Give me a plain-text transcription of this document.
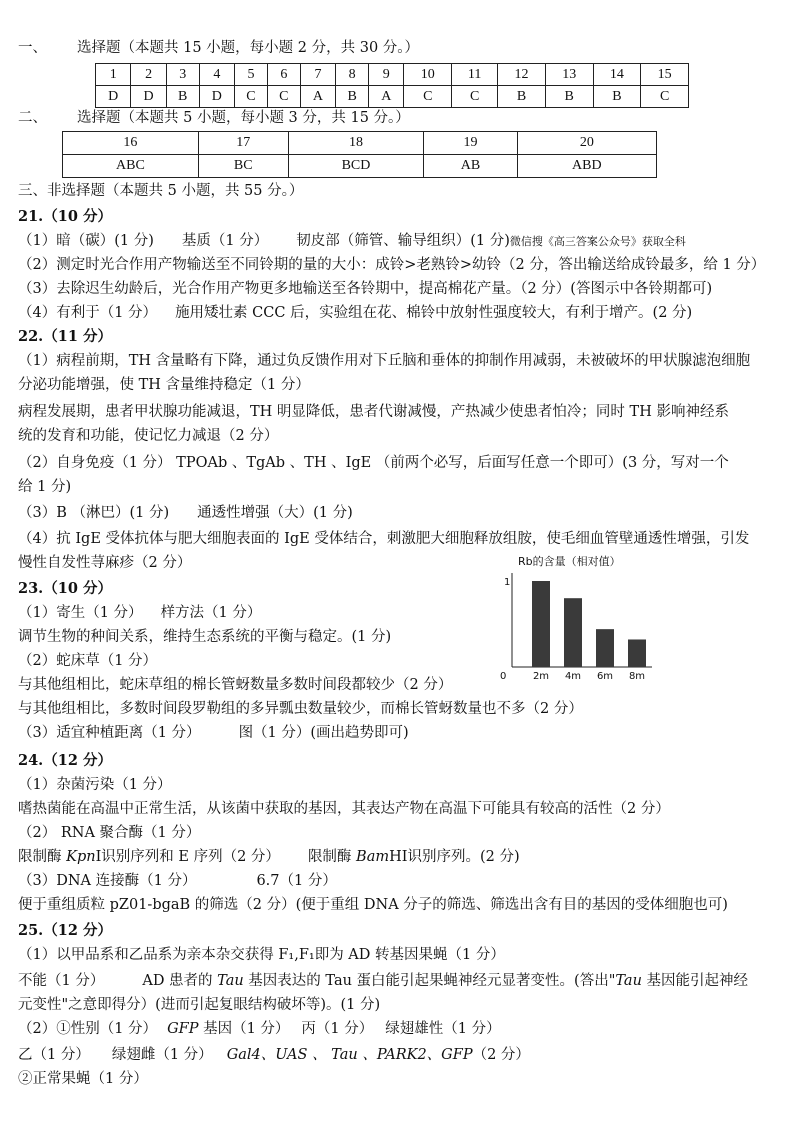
一、 选择题（本题共 15 小题，每小题 2 分，共 30 分。）
1	2	3	4	5	6	7	8	9	10	11	12	13	14	15
D	D	B	D	C	C	A	B	A	C	C	B	B	B	C
二、 选择题（本题共 5 小题，每小题 3 分，共 15 分。）
16	17	18	19	20
ABC	BC	BCD	AB	ABD
三、非选择题（本题共 5 小题，共 55 分。）
21.（10 分）
（1）暗（碳）(1 分) 基质（1 分） 韧皮部（筛管、输导组织）(1 分)微信搜《高三答案公众号》获取全科
（2）测定时光合作用产物输送至不同铃期的量的大小：成铃>老熟铃>幼铃（2 分，答出输送给成铃最多，给 1 分）
（3）去除迟生幼龄后，光合作用产物更多地输送至各铃期中，提高棉花产量。（2 分）(答图示中各铃期都可)
（4）有利于（1 分） 施用矮壮素 CCC 后，实验组在花、棉铃中放射性强度较大，有利于增产。(2 分)
22.（11 分）
（1）病程前期，TH 含量略有下降，通过负反馈作用对下丘脑和垂体的抑制作用减弱，未被破坏的甲状腺滤泡细胞
分泌功能增强，使 TH 含量维持稳定（1 分）
病程发展期，患者甲状腺功能减退，TH 明显降低，患者代谢减慢，产热减少使患者怕冷；同时 TH 影响神经系
统的发育和功能，使记忆力减退（2 分）
（2）自身免疫（1 分） TPOAb 、TgAb 、TH 、IgE （前两个必写，后面写任意一个即可）(3 分，写对一个
给 1 分)
（3）B （淋巴）(1 分) 通透性增强（大）(1 分)
（4）抗 IgE 受体抗体与肥大细胞表面的 IgE 受体结合，刺激肥大细胞释放组胺，使毛细血管壁通透性增强，引发
慢性自发性荨麻疹（2 分）
23.（10 分）
（1）寄生（1 分） 样方法（1 分）
调节生物的种间关系，维持生态系统的平衡与稳定。(1 分)
（2）蛇床草（1 分）
与其他组相比，蛇床草组的棉长管蚜数量多数时间段都较少（2 分）
与其他组相比，多数时间段罗勒组的多异瓢虫数量较少，而棉长管蚜数量也不多（2 分）
（3）适宜种植距离（1 分）	图（1 分）(画出趋势即可)
Rb的含量（相对值）
1
0	2m 4m 6m 8m
24.（12 分）
（1）杂菌污染（1 分）
嗜热菌能在高温中正常生活，从该菌中获取的基因，其表达产物在高温下可能具有较高的活性（2 分）
（2） RNA 聚合酶（1 分）
限制酶 KpnⅠ识别序列和 E 序列（2 分） 限制酶 BamHⅠ识别序列。(2 分)
（3）DNA 连接酶（1 分）	6.7（1 分）
便于重组质粒 pZ01-bgaB 的筛选（2 分）(便于重组 DNA 分子的筛选、筛选出含有目的基因的受体细胞也可)
25.（12 分）
（1）以甲品系和乙品系为亲本杂交获得 F₁,F₁即为 AD 转基因果蝇（1 分）
不能（1 分）	AD 患者的 Tau 基因表达的 Tau 蛋白能引起果蝇神经元显著变性。(答出"Tau 基因能引起神经
元变性"之意即得分）(进而引起复眼结构破坏等)。(1 分)
（2）①性别（1 分） GFP 基因（1 分） 丙（1 分） 绿翅雄性（1 分）
乙（1 分） 绿翅雌（1 分） Gal4、UAS 、 Tau 、PARK2、GFP（2 分）
②正常果蝇（1 分）
